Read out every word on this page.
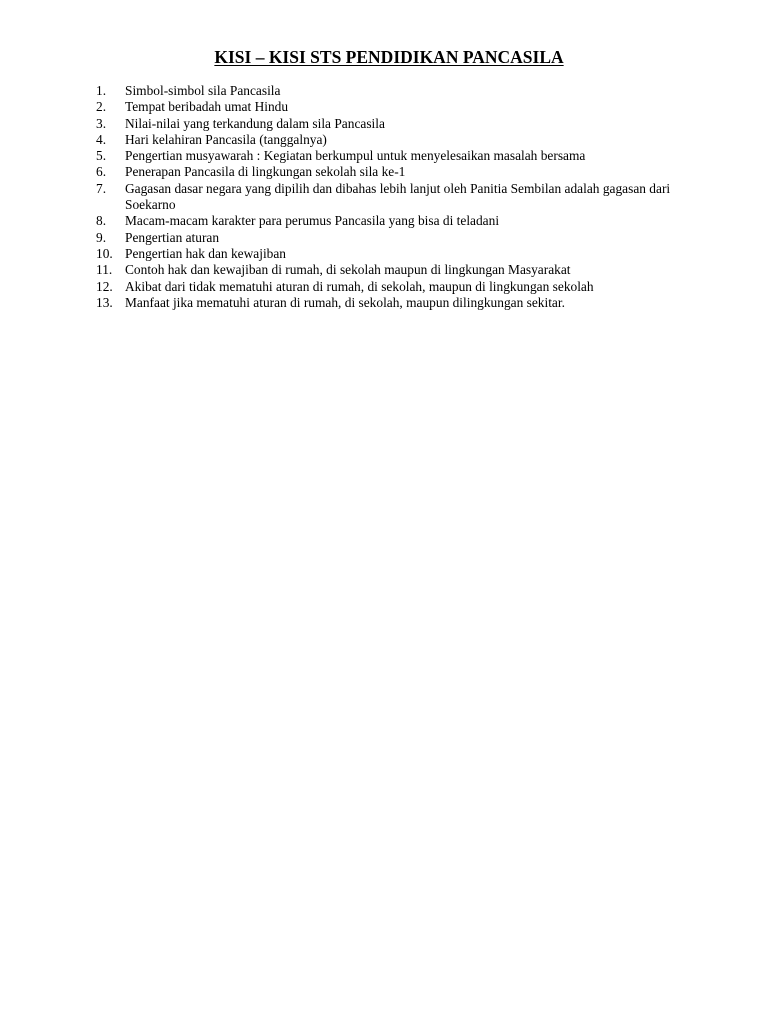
KISI – KISI STS PENDIDIKAN PANCASILA
1.	Simbol-simbol sila Pancasila
2.	Tempat beribadah umat Hindu
3.	Nilai-nilai yang terkandung dalam sila Pancasila
4.	Hari kelahiran Pancasila (tanggalnya)
5.	Pengertian musyawarah : Kegiatan berkumpul untuk menyelesaikan masalah bersama
6.	Penerapan Pancasila di lingkungan sekolah sila ke-1
7.	Gagasan dasar negara yang dipilih dan dibahas lebih lanjut oleh Panitia Sembilan adalah gagasan dari Soekarno
8.	Macam-macam karakter para perumus Pancasila yang bisa di teladani
9.	Pengertian aturan
10. Pengertian hak dan kewajiban
11. Contoh hak dan kewajiban di rumah, di sekolah maupun di lingkungan Masyarakat
12. Akibat dari tidak mematuhi aturan di rumah, di sekolah, maupun di lingkungan sekolah
13. Manfaat jika mematuhi aturan di rumah, di sekolah, maupun dilingkungan sekitar.
